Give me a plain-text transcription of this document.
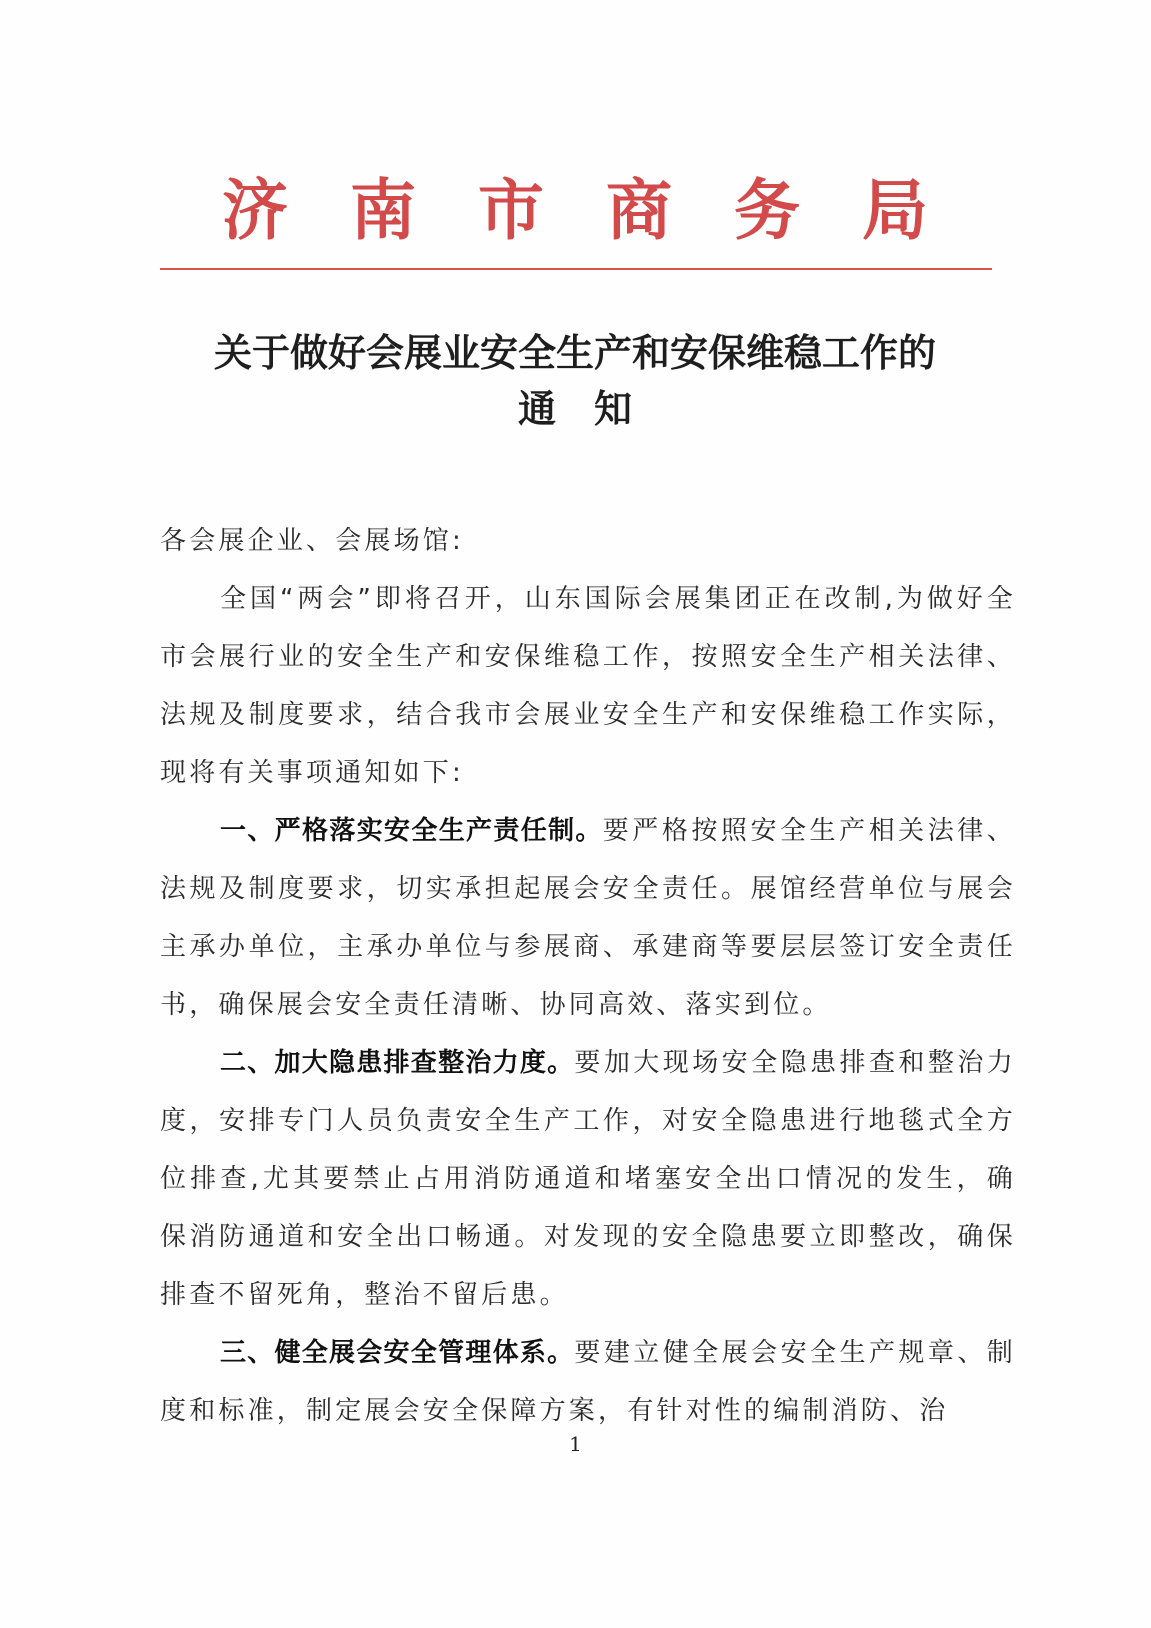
济南市商务局
关于做好会展业安全生产和安保维稳工作的
通知

各会展企业、会展场馆:

全国“两会”即将召开，山东国际会展集团正在改制,为做好全市会展行业的安全生产和安保维稳工作，按照安全生产相关法律、法规及制度要求，结合我市会展业安全生产和安保维稳工作实际，现将有关事项通知如下:

一、严格落实安全生产责任制。要严格按照安全生产相关法律、法规及制度要求，切实承担起展会安全责任。展馆经营单位与展会主承办单位，主承办单位与参展商、承建商等要层层签订安全责任书，确保展会安全责任清晰、协同高效、落实到位。

二、加大隐患排查整治力度。要加大现场安全隐患排查和整治力度，安排专门人员负责安全生产工作，对安全隐患进行地毯式全方位排查,尤其要禁止占用消防通道和堵塞安全出口情况的发生，确保消防通道和安全出口畅通。对发现的安全隐患要立即整改，确保排查不留死角，整治不留后患。

三、健全展会安全管理体系。要建立健全展会安全生产规章、制度和标准，制定展会安全保障方案，有针对性的编制消防、治

1
